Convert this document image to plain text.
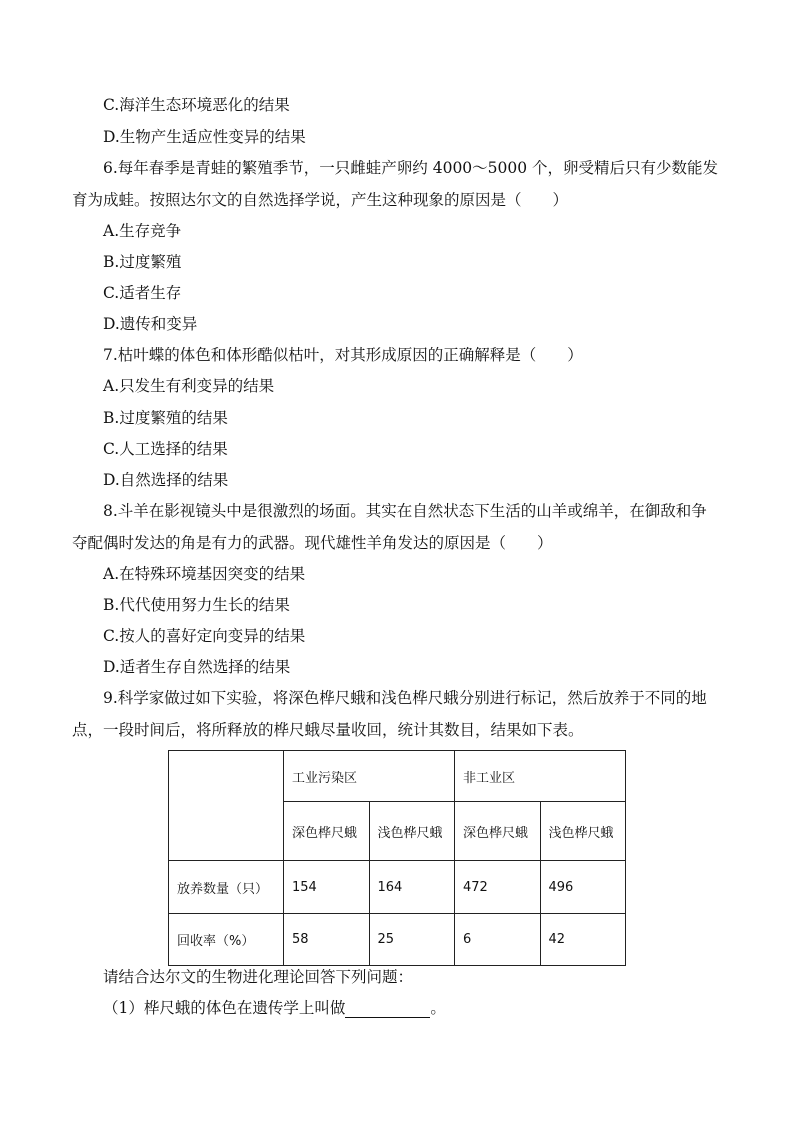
C.海洋生态环境恶化的结果
D.生物产生适应性变异的结果
6.每年春季是青蛙的繁殖季节，一只雌蛙产卵约 4000～5000 个，卵受精后只有少数能发
育为成蛙。按照达尔文的自然选择学说，产生这种现象的原因是（　　）
A.生存竞争
B.过度繁殖
C.适者生存
D.遗传和变异
7.枯叶蝶的体色和体形酷似枯叶，对其形成原因的正确解释是（　　）
A.只发生有利变异的结果
B.过度繁殖的结果
C.人工选择的结果
D.自然选择的结果
8.斗羊在影视镜头中是很激烈的场面。其实在自然状态下生活的山羊或绵羊，在御敌和争
夺配偶时发达的角是有力的武器。现代雄性羊角发达的原因是（　　）
A.在特殊环境基因突变的结果
B.代代使用努力生长的结果
C.按人的喜好定向变异的结果
D.适者生存自然选择的结果
9.科学家做过如下实验，将深色桦尺蛾和浅色桦尺蛾分别进行标记，然后放养于不同的地
点，一段时间后，将所释放的桦尺蛾尽量收回，统计其数目，结果如下表。
	工业污染区		非工业区	
	深色桦尺蛾	浅色桦尺蛾	深色桦尺蛾	浅色桦尺蛾
放养数量（只）	154	164	472	496
回收率（%）	58	25	6	42
请结合达尔文的生物进化理论回答下列问题：
（1）桦尺蛾的体色在遗传学上叫做	。
